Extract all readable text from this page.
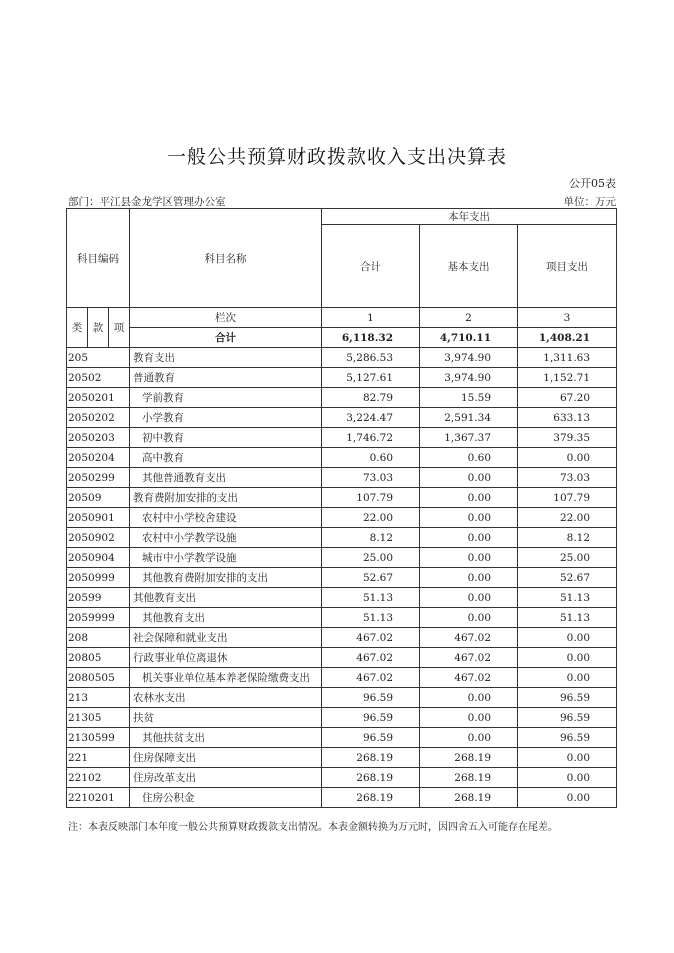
一般公共预算财政拨款收入支出决算表
公开05表
部门：平江县金龙学区管理办公室	单位：万元
科目编码			科目名称	本年支出		
				合计	基本支出	项目支出
类	款	项	栏次	1	2	3
			合计	6,118.32	4,710.11	1,408.21
205			教育支出	5,286.53	3,974.90	1,311.63
20502			普通教育	5,127.61	3,974.90	1,152.71
2050201			学前教育	82.79	15.59	67.20
2050202			小学教育	3,224.47	2,591.34	633.13
2050203			初中教育	1,746.72	1,367.37	379.35
2050204			高中教育	0.60	0.60	0.00
2050299			其他普通教育支出	73.03	0.00	73.03
20509			教育费附加安排的支出	107.79	0.00	107.79
2050901			农村中小学校舍建设	22.00	0.00	22.00
2050902			农村中小学教学设施	8.12	0.00	8.12
2050904			城市中小学教学设施	25.00	0.00	25.00
2050999			其他教育费附加安排的支出	52.67	0.00	52.67
20599			其他教育支出	51.13	0.00	51.13
2059999			其他教育支出	51.13	0.00	51.13
208			社会保障和就业支出	467.02	467.02	0.00
20805			行政事业单位离退休	467.02	467.02	0.00
2080505			机关事业单位基本养老保险缴费支出	467.02	467.02	0.00
213			农林水支出	96.59	0.00	96.59
21305			扶贫	96.59	0.00	96.59
2130599			其他扶贫支出	96.59	0.00	96.59
221			住房保障支出	268.19	268.19	0.00
22102			住房改革支出	268.19	268.19	0.00
2210201			住房公积金	268.19	268.19	0.00
注：本表反映部门本年度一般公共预算财政拨款支出情况。本表金额转换为万元时，因四舍五入可能存在尾差。
